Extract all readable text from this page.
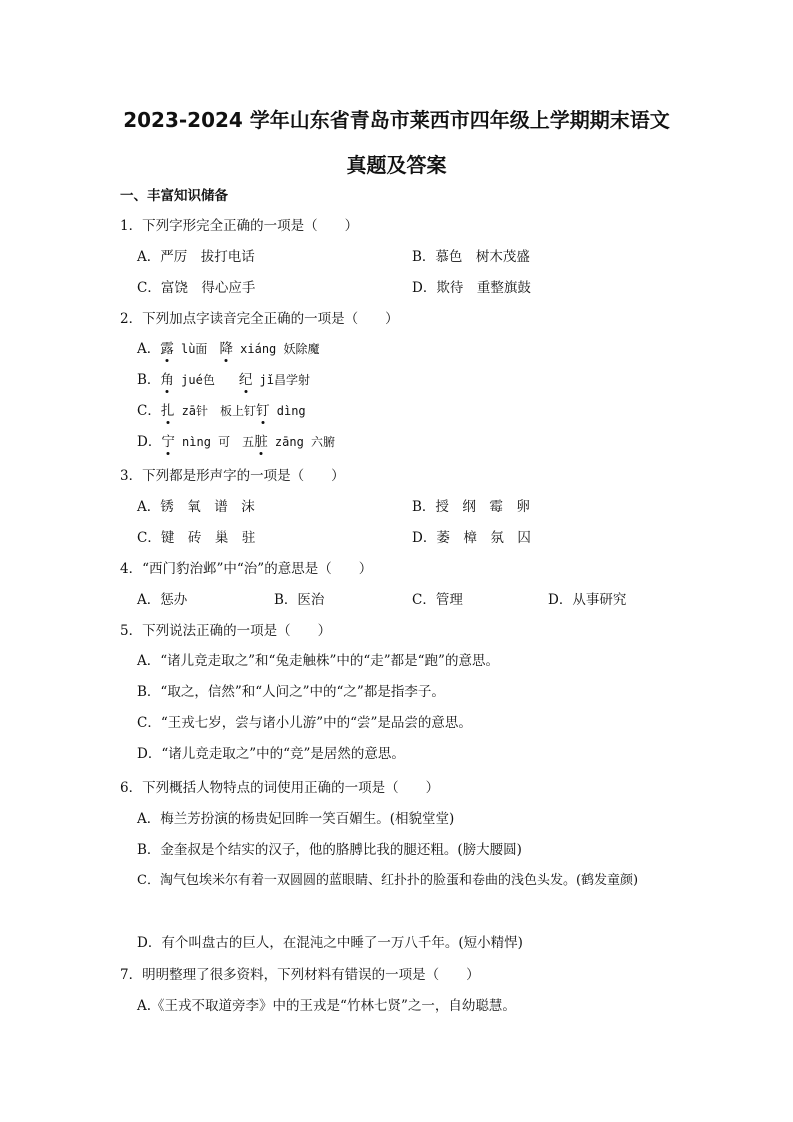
2023-2024 学年山东省青岛市莱西市四年级上学期期末语文
真题及答案
一、丰富知识储备
1．下列字形完全正确的一项是（　　）
A．严厉　拔打电话	B．慕色　树木茂盛
C．富饶　得心应手	D．欺待　重整旗鼓
2．下列加点字读音完全正确的一项是（　　）
A．露 lù面　降 xiáng 妖除魔
B．角 jué色　　纪 jǐ昌学射
C．扎 zā针　板上钉钉 dìng
D．宁 nìng 可　五脏 zāng 六腑
3．下列都是形声字的一项是（　　）
A．锈　氧　谱　沫	B．授　纲　霉　卵
C．键　砖　巢　驻	D．萎　樟　氛　囚
4．“西门豹治邺”中“治”的意思是（　　）
A．惩办	B．医治	C．管理	D．从事研究
5．下列说法正确的一项是（　　）
A．“诸儿竞走取之”和“兔走触株”中的“走”都是“跑”的意思。
B．“取之，信然”和“人问之”中的“之”都是指李子。
C．“王戎七岁，尝与诸小儿游”中的“尝”是品尝的意思。
D．“诸儿竞走取之”中的“竞”是居然的意思。
6．下列概括人物特点的词使用正确的一项是（　　）
A．梅兰芳扮演的杨贵妃回眸一笑百媚生。(相貌堂堂)
B．金奎叔是个结实的汉子，他的胳膊比我的腿还粗。(膀大腰圆)
C．淘气包埃米尔有着一双圆圆的蓝眼睛、红扑扑的脸蛋和卷曲的浅色头发。(鹤发童颜)
D．有个叫盘古的巨人，在混沌之中睡了一万八千年。(短小精悍)
7．明明整理了很多资料，下列材料有错误的一项是（　　）
A.《王戎不取道旁李》中的王戎是“竹林七贤”之一，自幼聪慧。
